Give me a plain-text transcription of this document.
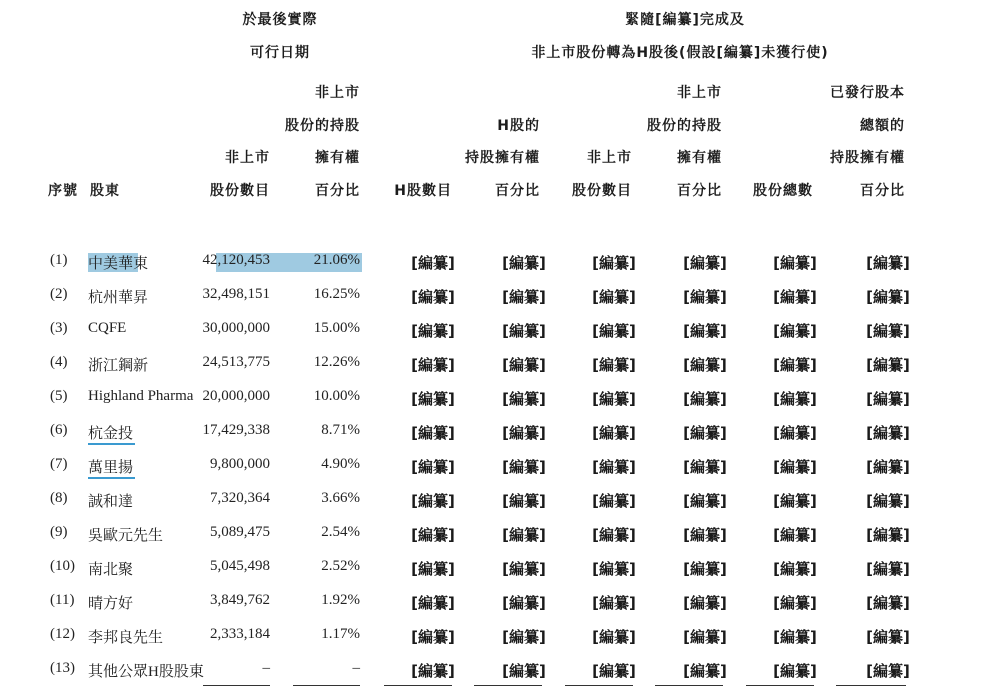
於最後實際
可行日期
緊隨[編纂]完成及
非上市股份轉為H股後(假設[編纂]未獲行使)
序號 股東
非上市
股份數目
非上市
股份的持股
擁有權
百分比	H股數目
H股的
持股擁有權
百分比
非上市
股份數目
非上市
股份的持股
擁有權
百分比	股份總數
已發行股本
總額的
持股擁有權
百分比
(1)	中美華東	42,120,453	21.06%	[編纂]	[編纂]	[編纂]	[編纂]	[編纂]	[編纂]
(2)	杭州華昇	32,498,151	16.25%	[編纂]	[編纂]	[編纂]	[編纂]	[編纂]	[編纂]
(3)	CQFE	30,000,000	15.00%	[編纂]	[編纂]	[編纂]	[編纂]	[編纂]	[編纂]
(4)	浙江鋼新	24,513,775	12.26%	[編纂]	[編纂]	[編纂]	[編纂]	[編纂]	[編纂]
(5)	Highland Pharma 20,000,000	10.00%	[編纂]	[編纂]	[編纂]	[編纂]	[編纂]	[編纂]
(6)	杭金投	17,429,338	8.71%	[編纂]	[編纂]	[編纂]	[編纂]	[編纂]	[編纂]
(7)	萬里揚	9,800,000	4.90%	[編纂]	[編纂]	[編纂]	[編纂]	[編纂]	[編纂]
(8)	誠和達	7,320,364	3.66%	[編纂]	[編纂]	[編纂]	[編纂]	[編纂]	[編纂]
(9)	吳歐元先生	5,089,475	2.54%	[編纂]	[編纂]	[編纂]	[編纂]	[編纂]	[編纂]
(10) 南北聚	5,045,498	2.52%	[編纂]	[編纂]	[編纂]	[編纂]	[編纂]	[編纂]
(11) 晴方好	3,849,762	1.92%	[編纂]	[編纂]	[編纂]	[編纂]	[編纂]	[編纂]
(12) 李邦良先生	2,333,184	1.17%	[編纂]	[編纂]	[編纂]	[編纂]	[編纂]	[編纂]
(13) 其他公眾H股股東	–	–	[編纂]	[編纂]	[編纂]	[編纂]	[編纂]	[編纂]
